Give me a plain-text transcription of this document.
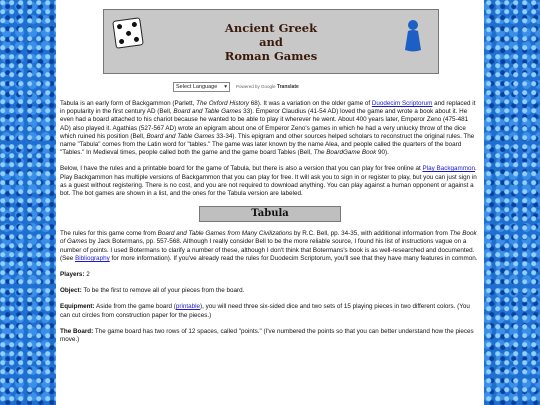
Ancient Greek
and
Roman Games
Select Language ▾ Powered by Google Translate

Tabula is an early form of Backgammon (Parlett, The Oxford History 68). It was a variation on the older game of Duodecim Scriptorum and replaced it in popularity in the first century AD (Bell, Board and Table Games 33). Emperor Claudius (41-54 AD) loved the game and wrote a book about it. He even had a board attached to his chariot because he wanted to be able to play it wherever he went. About 400 years later, Emperor Zeno (475-481 AD) also played it. Agathias (527-567 AD) wrote an epigram about one of Emperor Zeno's games in which he had a very unlucky throw of the dice which ruined his position (Bell, Board and Table Games 33-34). This epigram and other sources helped scholars to reconstruct the original rules. The name "Tabula" comes from the Latin word for "tables." The game was later known by the name Alea, and people called the quarters of the board "Tables." In Medieval times, people called both the game and the game board Tables (Bell, The BoardGame Book 90).

Below, I have the rules and a printable board for the game of Tabula, but there is also a version that you can play for free online at Play Backgammon. Play Backgammon has multiple versions of Backgammon that you can play for free. It will ask you to sign in or register to play, but you can just sign in as a guest without registering. There is no cost, and you are not required to download anything. You can play against a human opponent or against a bot. The bot games are shown in a list, and the ones for the Tabula version are labeled.

Tabula

The rules for this game come from Board and Table Games from Many Civilizations by R.C. Bell, pp. 34-35, with additional information from The Book of Games by Jack Botermans, pp. 557-568. Although I really consider Bell to be the more reliable source, I found his list of instructions vague on a number of points. I used Botermans to clarify a number of these, although I don't think that Botermans's book is as well-researched and documented. (See Bibliography for more information). If you've already read the rules for Duodecim Scriptorum, you'll see that they have many features in common.

Players: 2

Object: To be the first to remove all of your pieces from the board.

Equipment: Aside from the game board (printable), you will need three six-sided dice and two sets of 15 playing pieces in two different colors. (You can cut circles from construction paper for the pieces.)

The Board: The game board has two rows of 12 spaces, called "points." (I've numbered the points so that you can better understand how the pieces move.)
